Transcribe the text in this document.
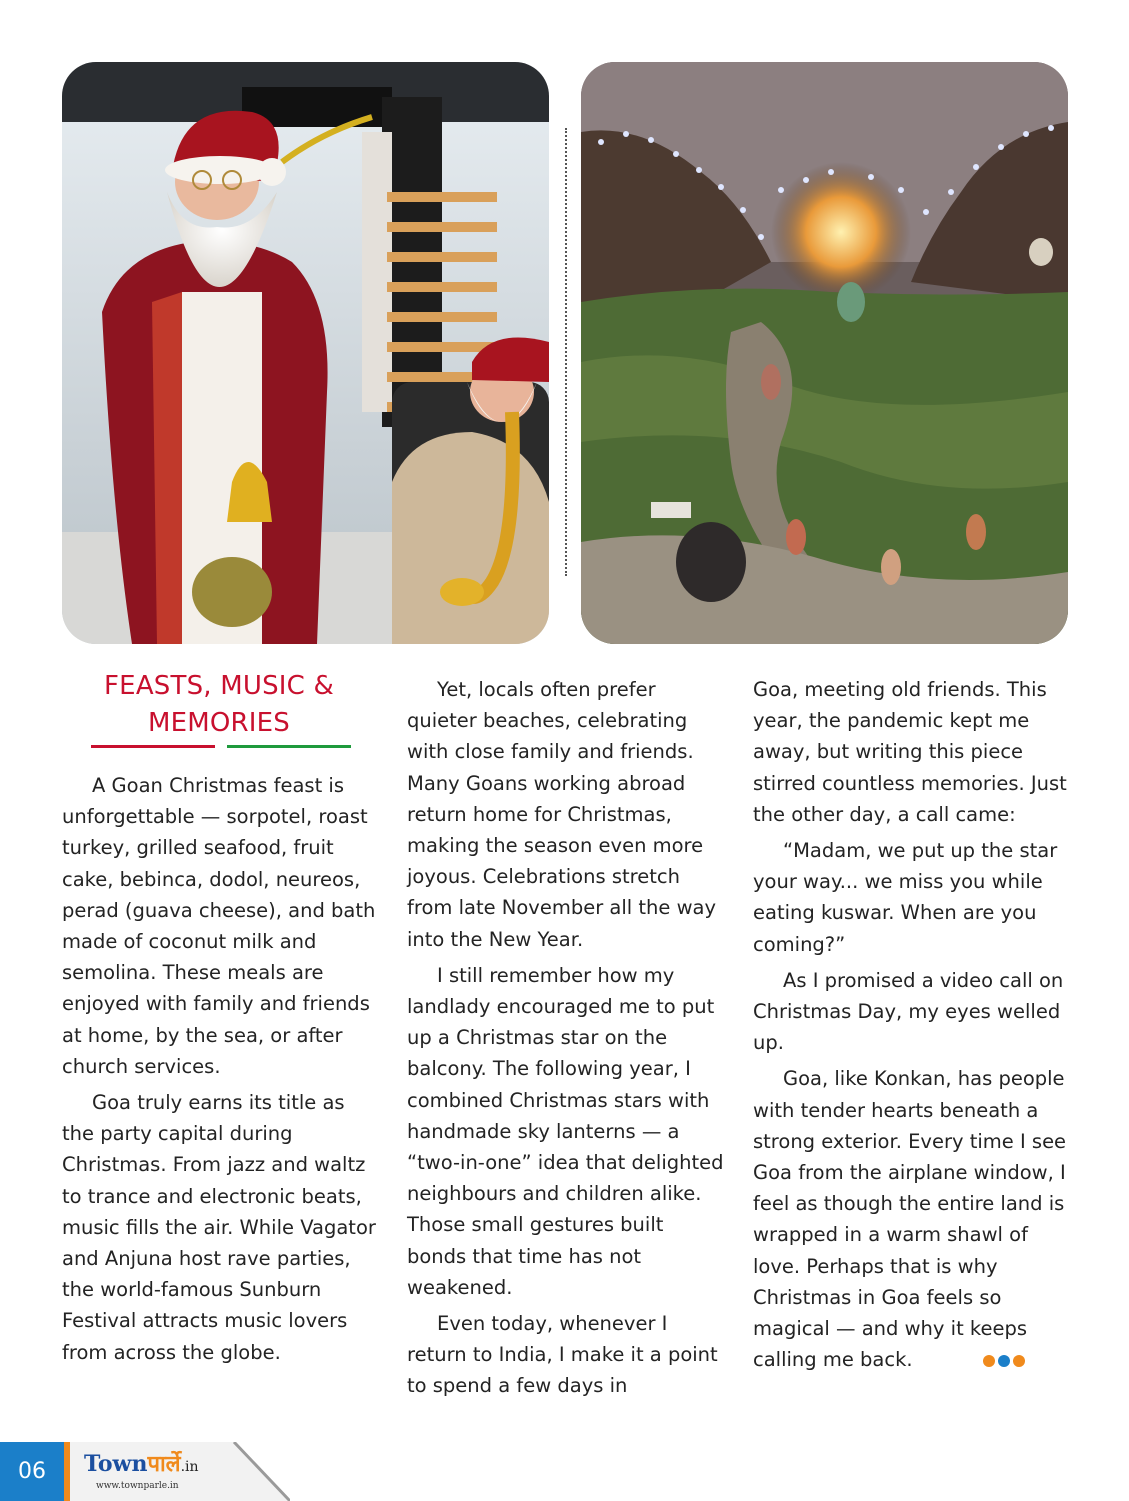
FEASTS, MUSIC &
MEMORIES

A Goan Christmas feast is unforgettable — sorpotel, roast turkey, grilled seafood, fruit cake, bebinca, dodol, neureos, perad (guava cheese), and bath made of coconut milk and semolina. These meals are enjoyed with family and friends at home, by the sea, or after church services.

Goa truly earns its title as the party capital during Christmas. From jazz and waltz to trance and electronic beats, music fills the air. While Vagator and Anjuna host rave parties, the world-famous Sunburn Festival attracts music lovers from across the globe.

Yet, locals often prefer quieter beaches, celebrating with close family and friends. Many Goans working abroad return home for Christmas, making the season even more joyous. Celebrations stretch from late November all the way into the New Year.

I still remember how my landlady encouraged me to put up a Christmas star on the balcony. The following year, I combined Christmas stars with handmade sky lanterns — a “two-in-one” idea that delighted neighbours and children alike. Those small gestures built bonds that time has not weakened.

Even today, whenever I return to India, I make it a point to spend a few days in

Goa, meeting old friends. This year, the pandemic kept me away, but writing this piece stirred countless memories. Just the other day, a call came:

“Madam, we put up the star your way... we miss you while eating kuswar. When are you coming?”

As I promised a video call on Christmas Day, my eyes welled up.

Goa, like Konkan, has people with tender hearts beneath a strong exterior. Every time I see Goa from the airplane window, I feel as though the entire land is wrapped in a warm shawl of love. Perhaps that is why Christmas in Goa feels so magical — and why it keeps calling me back.

06	Townपार्ले.in
www.townparle.in
